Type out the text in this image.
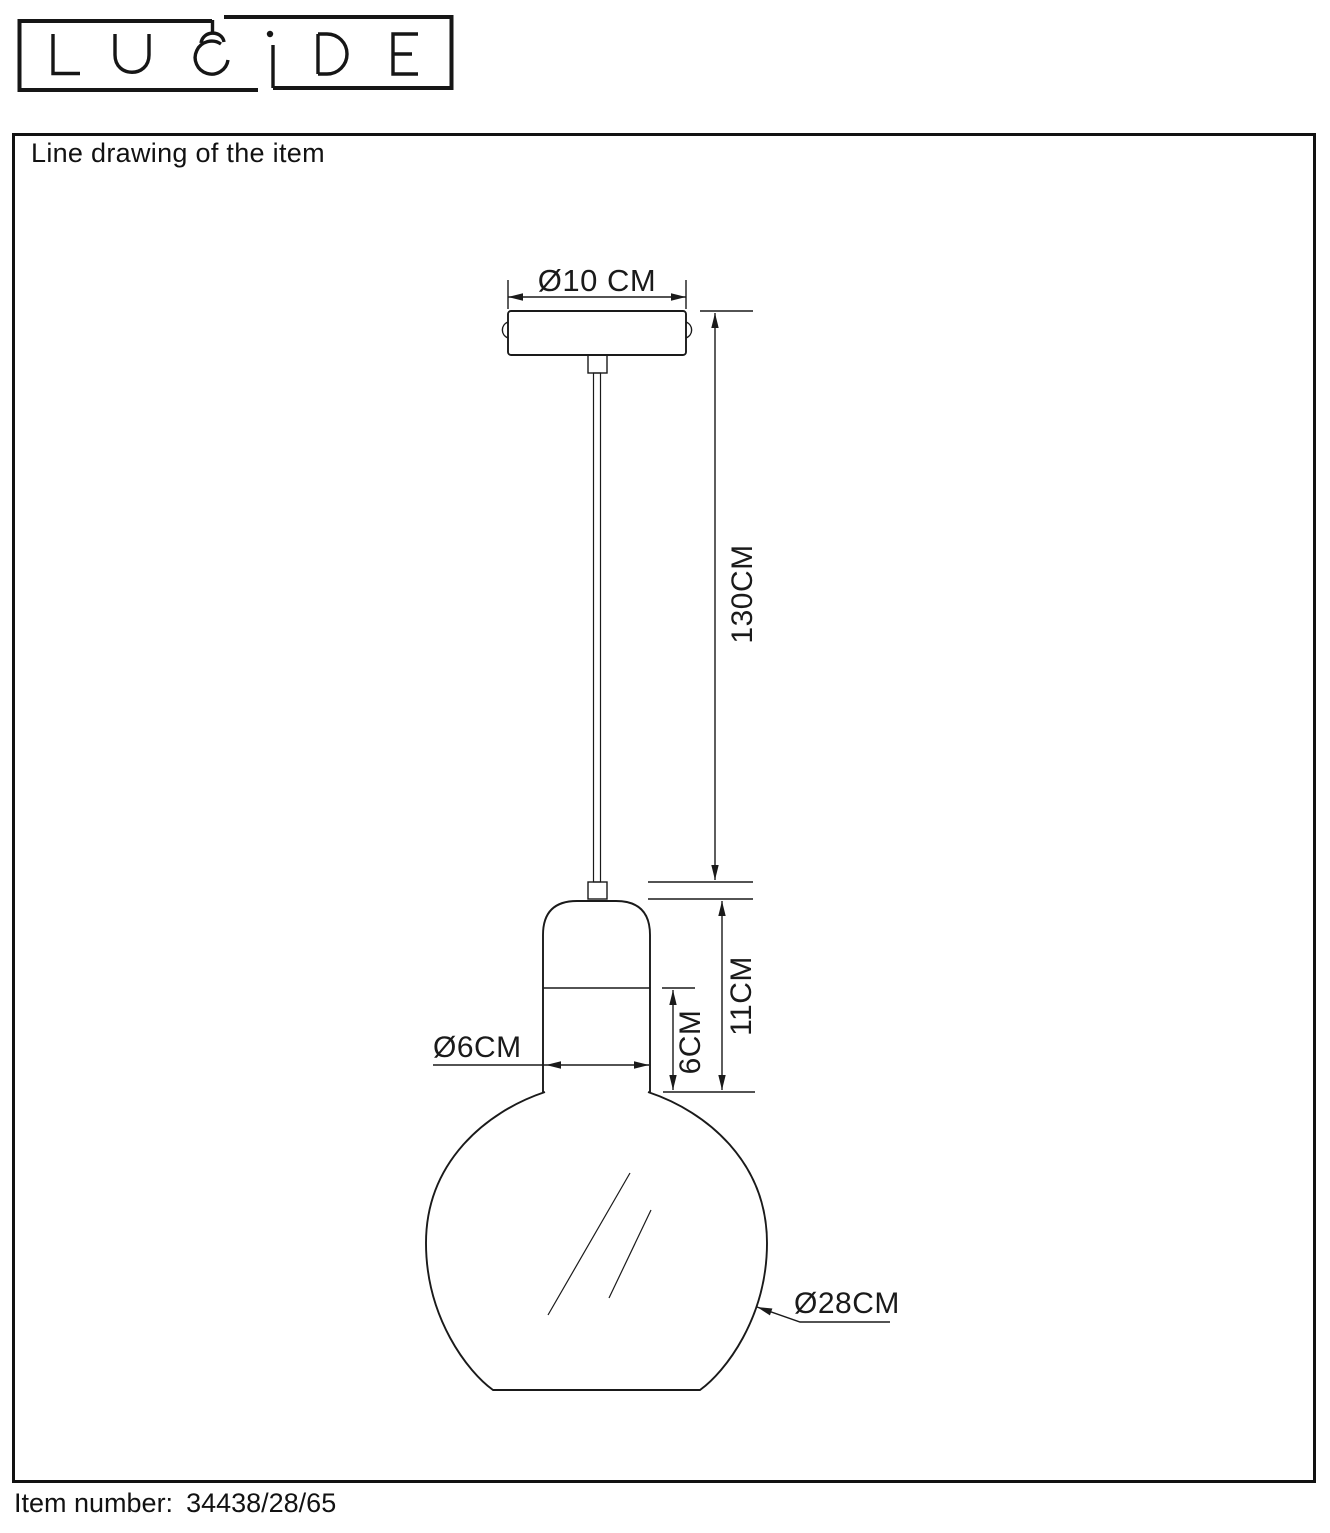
Line drawing of the item
Ø10 CM
130CM
11CM
6CM
Ø6CM
Ø28CM
Item number: 34438/28/65
